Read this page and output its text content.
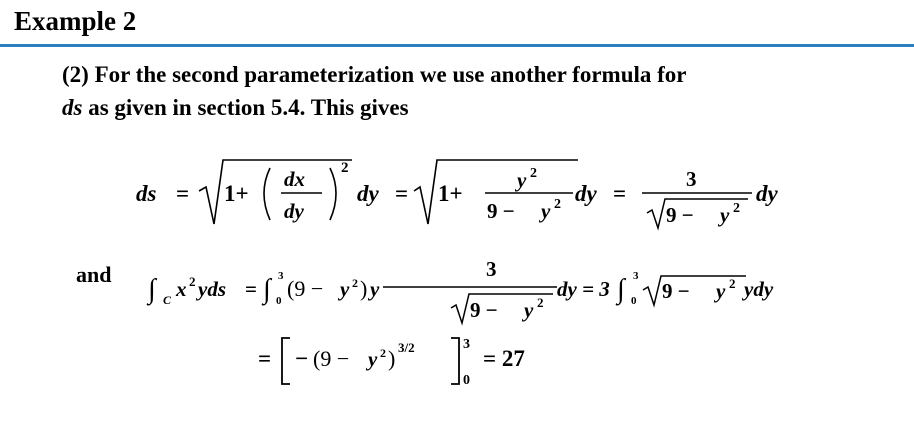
Example 2
(2) For the second parameterization we use another formula for
ds as given in section 5.4. This gives
ds = 1+
dx
dy
2
dy = 1+
y 2
9 − y 2 dy =
3
9 − y 2
dy
∫ C x 2 yds = ∫ 0
3 (9 − y 2 ) y
3
9 − y 2
dy = 3 ∫ 0
3
9 − y 2 ydy
= − (9 − y 2 ) 3/2	3
0
= 27
and
